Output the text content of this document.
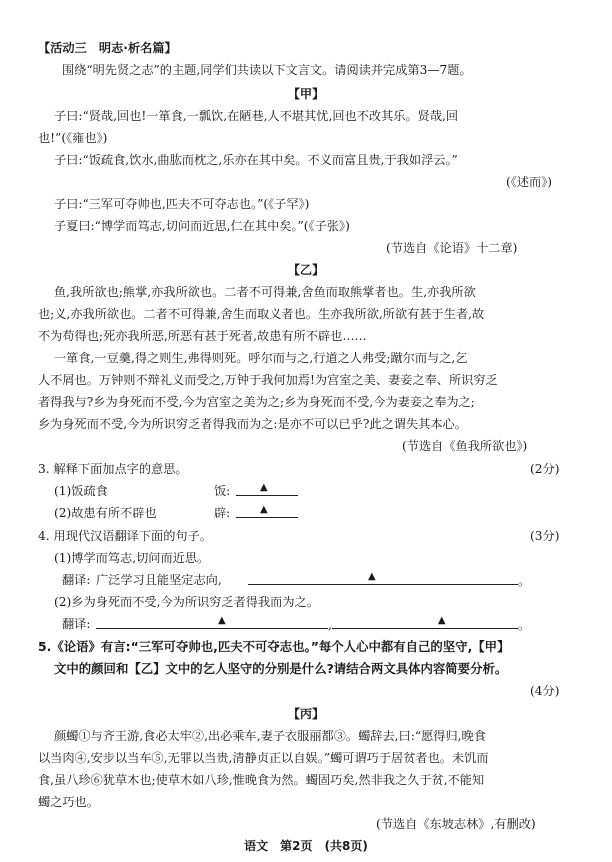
【活动三　明志·析名篇】
围绕“明先贤之志”的主题,同学们共读以下文言文。请阅读并完成第3—7题。
【甲】
子曰:“贤哉,回也!一箪食,一瓢饮,在陋巷,人不堪其忧,回也不改其乐。贤哉,回
也!”(《雍也》)
子曰:“饭疏食,饮水,曲肱而枕之,乐亦在其中矣。不义而富且贵,于我如浮云。”
(《述而》)
子曰:“三军可夺帅也,匹夫不可夺志也。”(《子罕》)
子夏曰:“博学而笃志,切问而近思,仁在其中矣。”(《子张》)
(节选自《论语》十二章)
【乙】
鱼,我所欲也;熊掌,亦我所欲也。二者不可得兼,舍鱼而取熊掌者也。生,亦我所欲
也;义,亦我所欲也。二者不可得兼,舍生而取义者也。生亦我所欲,所欲有甚于生者,故
不为苟得也;死亦我所恶,所恶有甚于死者,故患有所不辟也……
一箪食,一豆羹,得之则生,弗得则死。呼尔而与之,行道之人弗受;蹴尔而与之,乞
人不屑也。万钟则不辩礼义而受之,万钟于我何加焉!为宫室之美、妻妾之奉、所识穷乏
者得我与?乡为身死而不受,今为宫室之美为之;乡为身死而不受,今为妻妾之奉为之;
乡为身死而不受,今为所识穷乏者得我而为之:是亦不可以已乎?此之谓失其本心。
(节选自《鱼我所欲也》)
3. 解释下面加点字的意思。	(2分)
(1)饭疏食	饭:	▲
(2)故患有所不辟也	辟:	▲
4. 用现代汉语翻译下面的句子。	(3分)
(1)博学而笃志,切问而近思。
翻译: 广泛学习且能坚定志向,	▲	。
(2)乡为身死而不受,今为所识穷乏者得我而为之。
翻译:	▲	,	▲	。
5.《论语》有言:“三军可夺帅也,匹夫不可夺志也。”每个人心中都有自己的坚守,【甲】
文中的颜回和【乙】文中的乞人坚守的分别是什么?请结合两文具体内容简要分析。
(4分)
【丙】
颜蠋①与齐王游,食必太牢②,出必乘车,妻子衣服丽都③。蠋辞去,曰:“愿得归,晚食
以当肉④,安步以当车⑤,无罪以当贵,清静贞正以自娱。”蠋可谓巧于居贫者也。未饥而
食,虽八珍⑥犹草木也;使草木如八珍,惟晚食为然。蠋固巧矣,然非我之久于贫,不能知
蠋之巧也。
(节选自《东坡志林》,有删改)
语文　第2页　(共8页)
